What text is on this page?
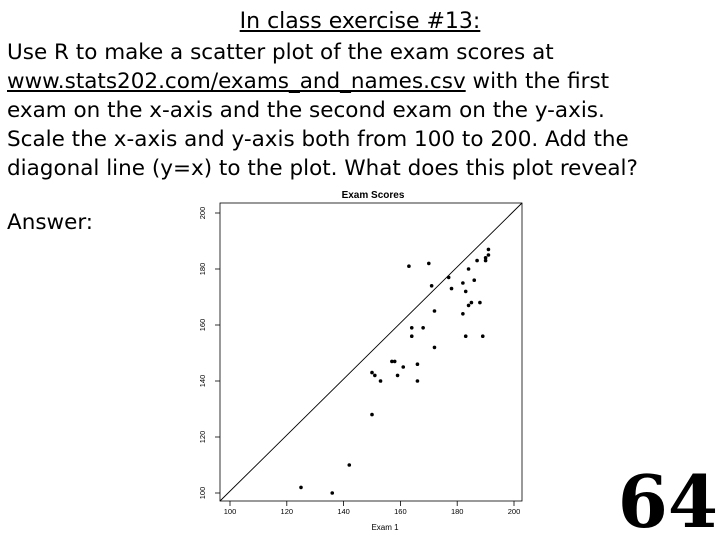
In class exercise #13:
Use R to make a scatter plot of the exam scores at
www.stats202.com/exams_and_names.csv with the first
exam on the x-axis and the second exam on the y-axis.
Scale the x-axis and y-axis both from 100 to 200. Add the
diagonal line (y=x) to the plot. What does this plot reveal?
Answer:
Exam Scores
100	120	140	160	180	200
100
120
140
160
180
200
Exam 1	64
